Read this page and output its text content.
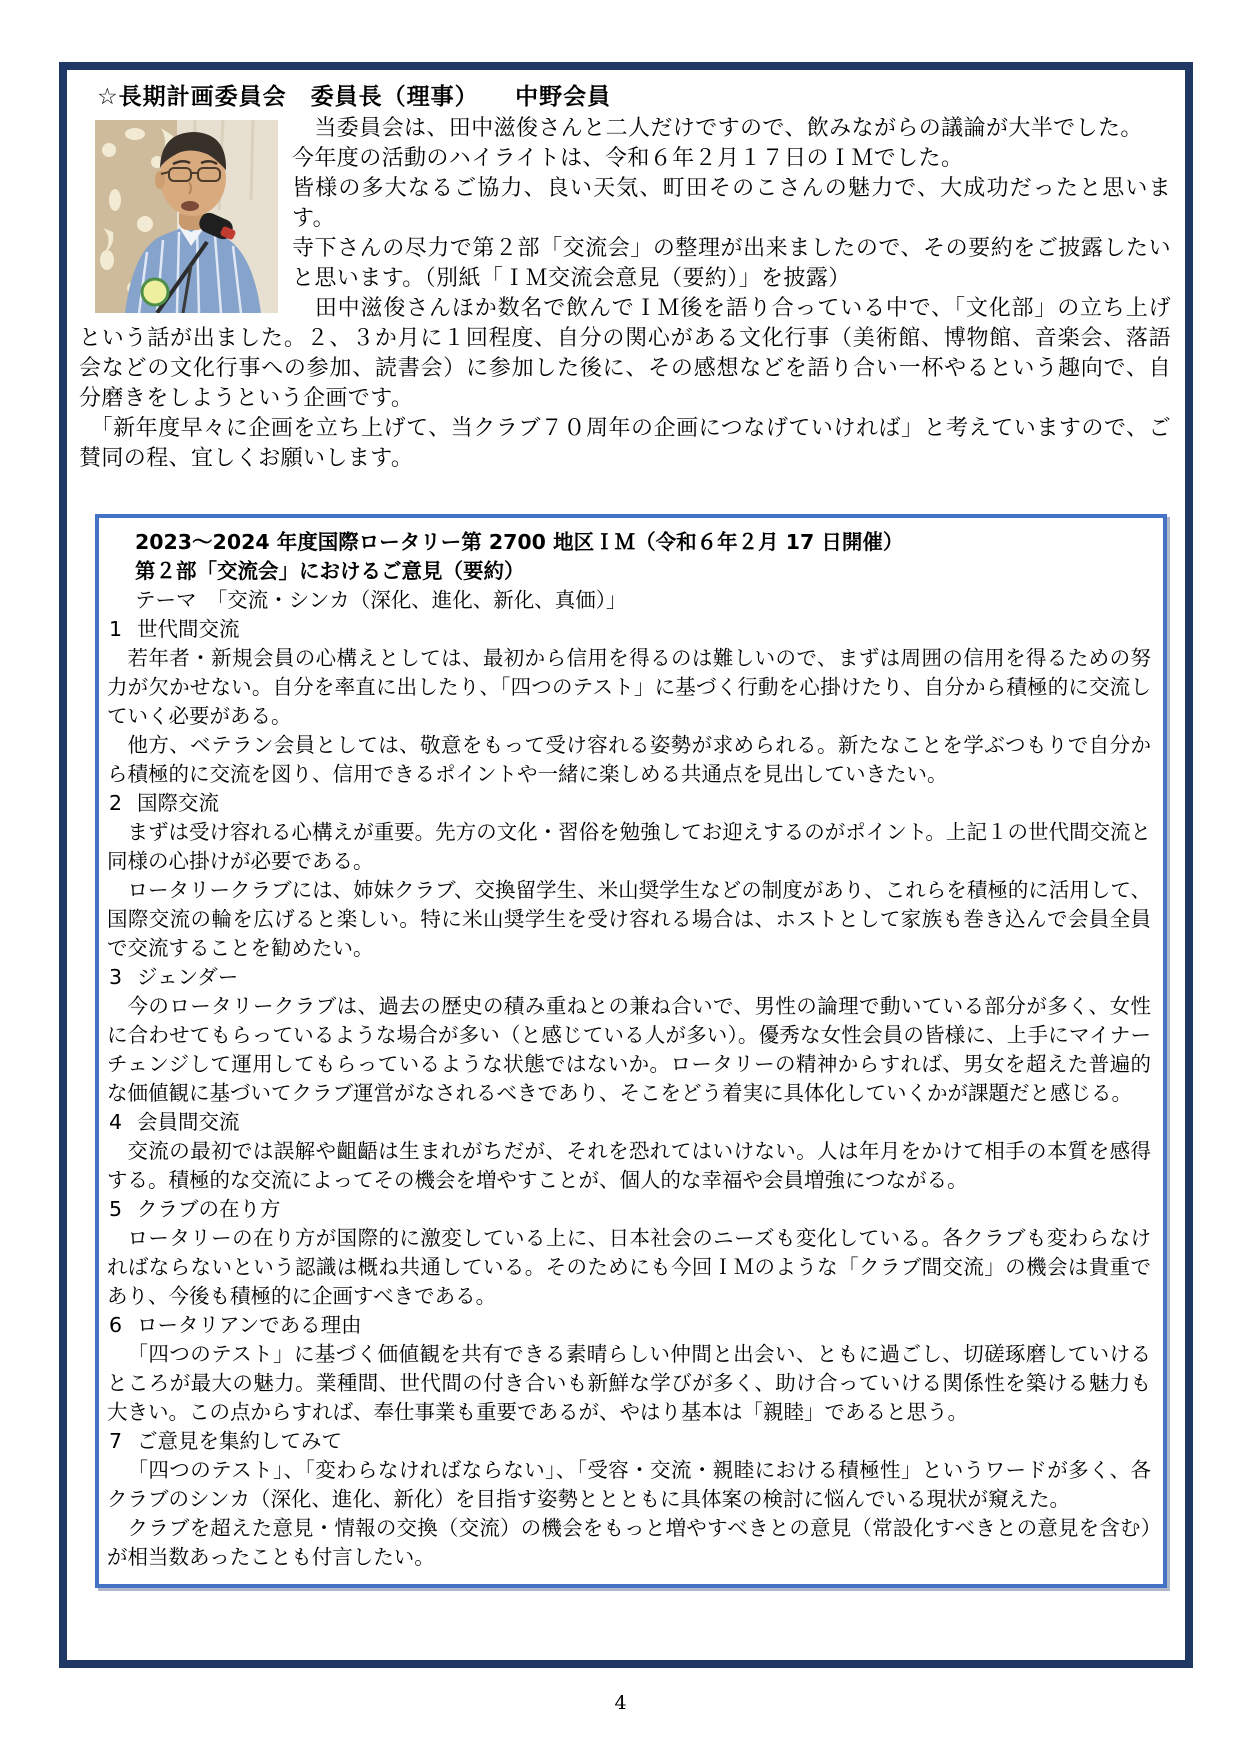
☆長期計画委員会　委員長（理事）　　中野会員

　当委員会は、田中滋俊さんと二人だけですので、飲みながらの議論が大半でした。

今年度の活動のハイライトは、令和６年２月１７日のＩＭでした。

皆様の多大なるご協力、良い天気、町田そのこさんの魅力で、大成功だったと思います。

寺下さんの尽力で第２部「交流会」の整理が出来ましたので、その要約をご披露したいと思います。（別紙「ＩＭ交流会意見（要約）」を披露）

　田中滋俊さんほか数名で飲んでＩＭ後を語り合っている中で、「文化部」の立ち上げという話が出ました。２、３か月に１回程度、自分の関心がある文化行事（美術館、博物館、音楽会、落語会などの文化行事への参加、読書会）に参加した後に、その感想などを語り合い一杯やるという趣向で、自分磨きをしようという企画です。

　「新年度早々に企画を立ち上げて、当クラブ７０周年の企画につなげていければ」と考えていますので、ご賛同の程、宜しくお願いします。

2023～2024 年度国際ロータリー第 2700 地区ＩＭ（令和６年２月 17 日開催）

第２部「交流会」におけるご意見（要約）

テーマ　「交流・シンカ（深化、進化、新化、真価）」

1 世代間交流

若年者・新規会員の心構えとしては、最初から信用を得るのは難しいので、まずは周囲の信用を得るための努力が欠かせない。自分を率直に出したり、「四つのテスト」に基づく行動を心掛けたり、自分から積極的に交流していく必要がある。

他方、ベテラン会員としては、敬意をもって受け容れる姿勢が求められる。新たなことを学ぶつもりで自分から積極的に交流を図り、信用できるポイントや一緒に楽しめる共通点を見出していきたい。

2 国際交流

まずは受け容れる心構えが重要。先方の文化・習俗を勉強してお迎えするのがポイント。上記１の世代間交流と同様の心掛けが必要である。

ロータリークラブには、姉妹クラブ、交換留学生、米山奨学生などの制度があり、これらを積極的に活用して、国際交流の輪を広げると楽しい。特に米山奨学生を受け容れる場合は、ホストとして家族も巻き込んで会員全員で交流することを勧めたい。

3 ジェンダー

今のロータリークラブは、過去の歴史の積み重ねとの兼ね合いで、男性の論理で動いている部分が多く、女性に合わせてもらっているような場合が多い（と感じている人が多い）。優秀な女性会員の皆様に、上手にマイナーチェンジして運用してもらっているような状態ではないか。ロータリーの精神からすれば、男女を超えた普遍的な価値観に基づいてクラブ運営がなされるべきであり、そこをどう着実に具体化していくかが課題だと感じる。

4 会員間交流

交流の最初では誤解や齟齬は生まれがちだが、それを恐れてはいけない。人は年月をかけて相手の本質を感得する。積極的な交流によってその機会を増やすことが、個人的な幸福や会員増強につながる。

5 クラブの在り方

ロータリーの在り方が国際的に激変している上に、日本社会のニーズも変化している。各クラブも変わらなければならないという認識は概ね共通している。そのためにも今回ＩＭのような「クラブ間交流」の機会は貴重であり、今後も積極的に企画すべきである。

6 ロータリアンである理由

「四つのテスト」に基づく価値観を共有できる素晴らしい仲間と出会い、ともに過ごし、切磋琢磨していけるところが最大の魅力。業種間、世代間の付き合いも新鮮な学びが多く、助け合っていける関係性を築ける魅力も大きい。この点からすれば、奉仕事業も重要であるが、やはり基本は「親睦」であると思う。

7 ご意見を集約してみて

「四つのテスト」、「変わらなければならない」、「受容・交流・親睦における積極性」というワードが多く、各クラブのシンカ（深化、進化、新化）を目指す姿勢ととともに具体案の検討に悩んでいる現状が窺えた。

クラブを超えた意見・情報の交換（交流）の機会をもっと増やすべきとの意見（常設化すべきとの意見を含む）が相当数あったことも付言したい。

4
